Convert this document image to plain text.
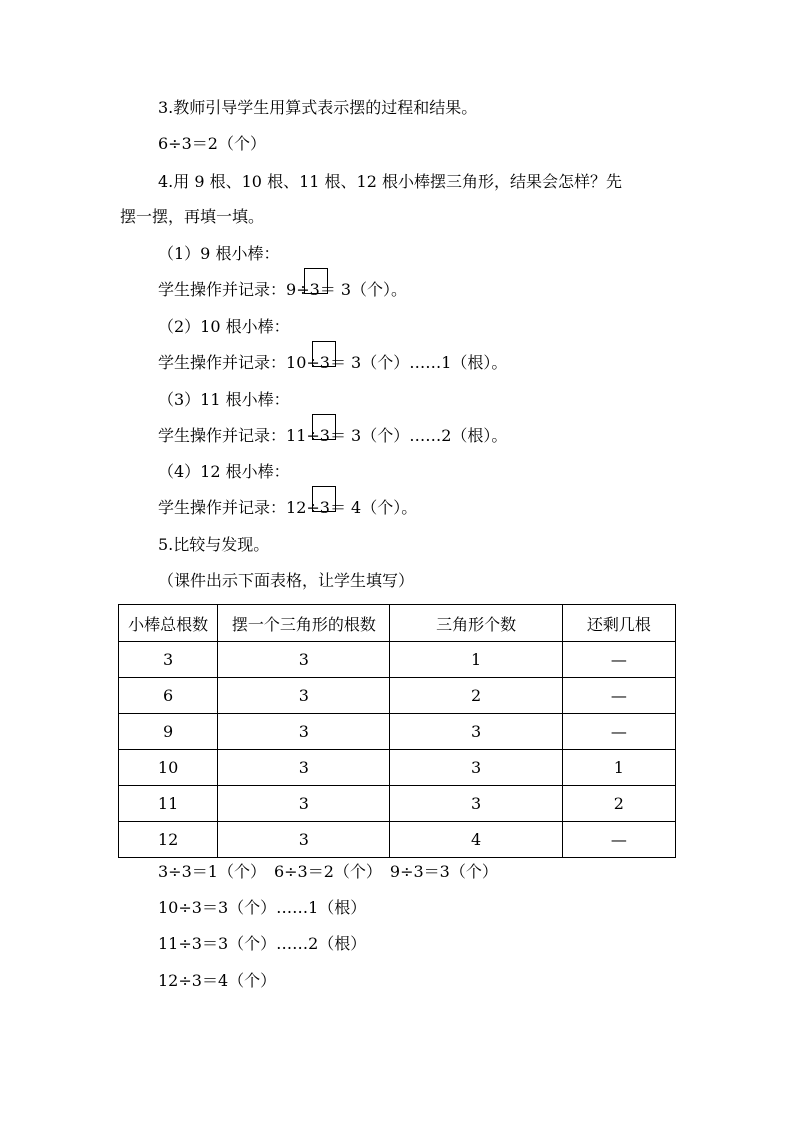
3.教师引导学生用算式表示摆的过程和结果。
6÷3＝2（个）
4.用 9 根、10 根、11 根、12 根小棒摆三角形，结果会怎样？先
摆一摆，再填一填。
（1）9 根小棒：
学生操作并记录：9÷3
＝ 3（个）。
（2）10 根小棒：
学生操作并记录：10÷3
＝ 3（个）……1（根）。
（3）11 根小棒：
学生操作并记录：11÷3
＝ 3（个）……2（根）。
（4）12 根小棒：
学生操作并记录：12÷3
＝ 4（个）。
5.比较与发现。
（课件出示下面表格，让学生填写）
小棒总根数	摆一个三角形的根数	三角形个数	还剩几根
3	3	1	—
6	3	2	—
9	3	3	—
10	3	3	1
11	3	3	2
12	3	4	—
3÷3＝1（个）　6÷3＝2（个）　9÷3＝3（个）
10÷3＝3（个）……1（根）
11÷3＝3（个）……2（根）
12÷3＝4（个）
